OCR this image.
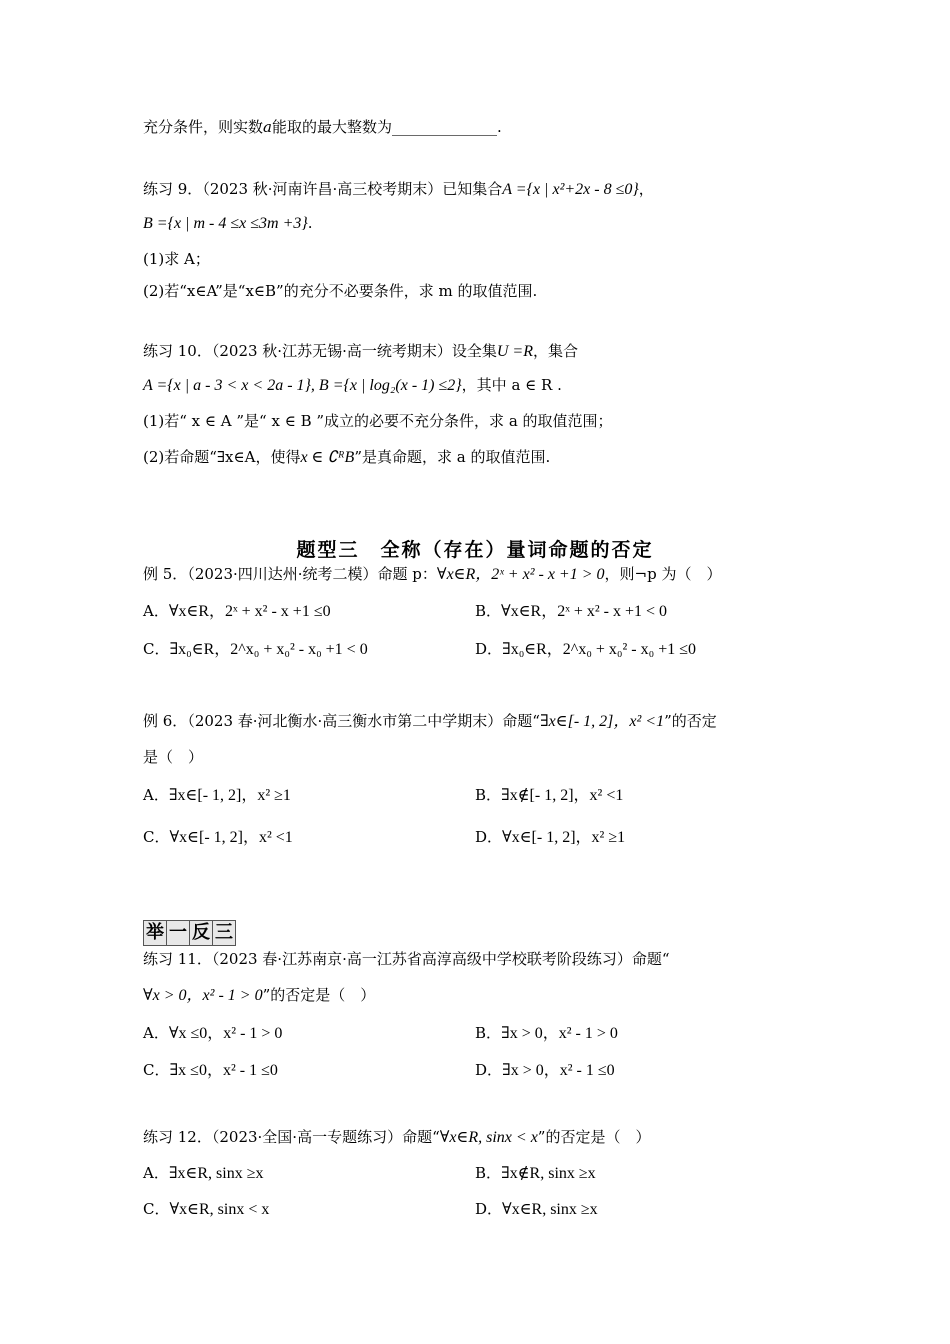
充分条件，则实数a能取的最大整数为______________.
练习 9．（2023 秋·河南许昌·高三校考期末）已知集合A ={x | x²+2x - 8 ≤0}，
B ={x | m - 4 ≤x ≤3m +3}.
(1)求 A；
(2)若“x∈A”是“x∈B”的充分不必要条件，求 m 的取值范围.
练习 10．（2023 秋·江苏无锡·高一统考期末）设全集U =R，集合
A ={x | a - 3 < x < 2a - 1}, B ={x | log₂(x - 1) ≤2}，其中 a ∈ R .
(1)若“ x ∈ A ”是“ x ∈ B ”成立的必要不充分条件，求 a 的取值范围；
(2)若命题“∃x∈A，使得x ∈ ∁ᴿB”是真命题，求 a 的取值范围.
题型三　全称（存在）量词命题的否定
例 5．（2023·四川达州·统考二模）命题 p：∀x∈R，2ˣ + x² - x +1 > 0，则¬p 为（　）
A．∀x∈R，2ˣ + x² - x +1 ≤0	B．∀x∈R，2ˣ + x² - x +1 < 0
C．∃x₀∈R，2^x₀ + x₀² - x₀ +1 < 0	D．∃x₀∈R，2^x₀ + x₀² - x₀ +1 ≤0
例 6．（2023 春·河北衡水·高三衡水市第二中学期末）命题“∃x∈[- 1, 2]，x² <1”的否定
是（　）
A．∃x∈[- 1, 2]，x² ≥1	B．∃x∉[- 1, 2]，x² <1
C．∀x∈[- 1, 2]，x² <1	D．∀x∈[- 1, 2]，x² ≥1
举 一 反 三
练习 11．（2023 春·江苏南京·高一江苏省高淳高级中学校联考阶段练习）命题“
∀x > 0，x² - 1 > 0”的否定是（　）
A．∀x ≤0，x² - 1 > 0	B．∃x > 0，x² - 1 > 0
C．∃x ≤0，x² - 1 ≤0	D．∃x > 0，x² - 1 ≤0
练习 12．（2023·全国·高一专题练习）命题“∀x∈R, sinx < x”的否定是（　）
A．∃x∈R, sinx ≥x	B．∃x∉R, sinx ≥x
C．∀x∈R, sinx < x	D．∀x∈R, sinx ≥x
